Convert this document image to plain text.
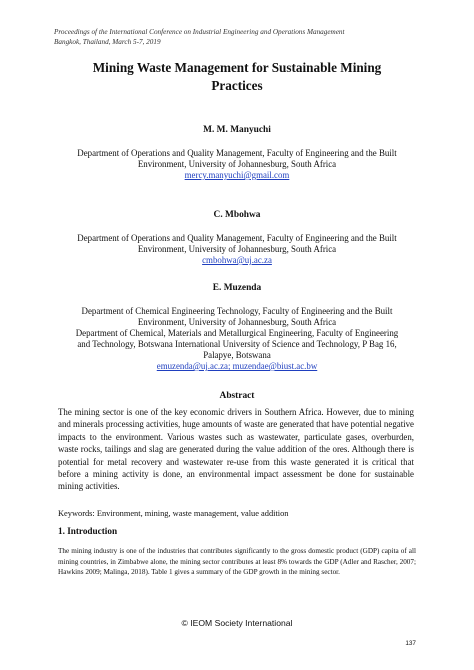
Proceedings of the International Conference on Industrial Engineering and Operations Management
Bangkok, Thailand, March 5-7, 2019
Mining Waste Management for Sustainable Mining
Practices
M. M. Manyuchi
Department of Operations and Quality Management, Faculty of Engineering and the Built
Environment, University of Johannesburg, South Africa
mercy.manyuchi@gmail.com
C. Mbohwa
Department of Operations and Quality Management, Faculty of Engineering and the Built
Environment, University of Johannesburg, South Africa
cmbohwa@uj.ac.za
E. Muzenda
Department of Chemical Engineering Technology, Faculty of Engineering and the Built
Environment, University of Johannesburg, South Africa
Department of Chemical, Materials and Metallurgical Engineering, Faculty of Engineering
and Technology, Botswana International University of Science and Technology, P Bag 16,
Palapye, Botswana
emuzenda@uj.ac.za; muzendae@biust.ac.bw
Abstract
The mining sector is one of the key economic drivers in Southern Africa. However, due to mining and minerals processing activities, huge amounts of waste are generated that have potential negative impacts to the environment. Various wastes such as wastewater, particulate gases, overburden, waste rocks, tailings and slag are generated during the value addition of the ores. Although there is potential for metal recovery and wastewater re-use from this waste generated it is critical that before a mining activity is done, an environmental impact assessment be done for sustainable mining activities.
Keywords: Environment, mining, waste management, value addition
1. Introduction
The mining industry is one of the industries that contributes significantly to the gross domestic product (GDP) capita of all mining countries, in Zimbabwe alone, the mining sector contributes at least 8% towards the GDP (Adler and Rascher, 2007; Hawkins 2009; Malinga, 2018). Table 1 gives a summary of the GDP growth in the mining sector.
© IEOM Society International
137
